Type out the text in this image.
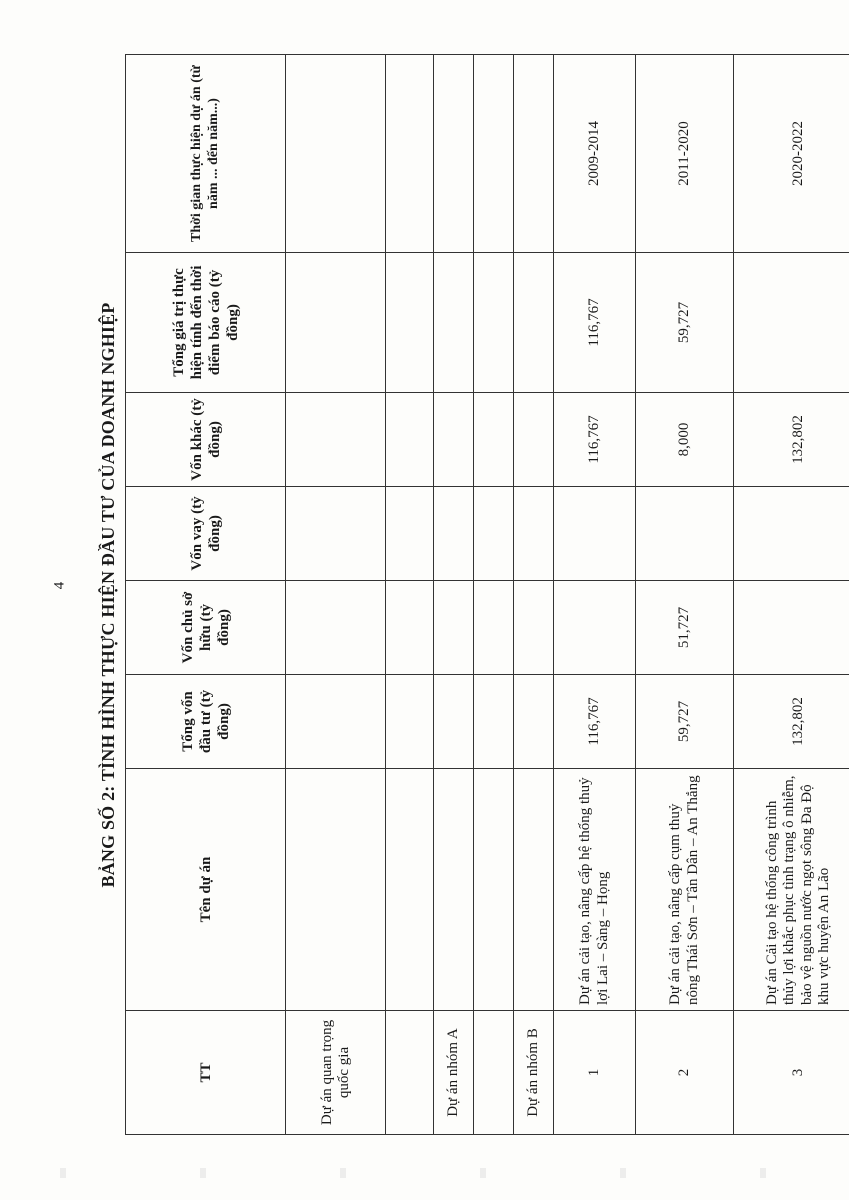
4 BẢNG SỐ 2: TÌNH HÌNH THỰC HIỆN ĐẦU TƯ CỦA DOANH NGHIỆP
TT	Tên dự án	Tổng vốn đầu tư (tỷ đồng)	Vốn chủ sở hữu (tỷ đồng)	Vốn vay (tỷ đồng)	Vốn khác (tỷ đồng)	Tổng giá trị thực hiện tính đến thời điểm báo cáo (tỷ đồng)	Thời gian thực hiện dự án (từ năm ... đến năm...)
Dự án quan trọng quốc gia							

Dự án nhóm A							

Dự án nhóm B							
1	Dự án cải tạo, nâng cấp hệ thống thuỷ lợi Lai – Sàng – Họng	116,767			116,767	116,767	2009-2014
2	Dự án cải tạo, nâng cấp cụm thuỷ nông Thái Sơn – Tân Dân – An Thắng	59,727	51,727		8,000	59,727	2011-2020
3	Dự án Cải tạo hệ thống công trình thủy lợi khắc phục tình trạng ô nhiễm, bảo vệ nguồn nước ngọt sông Đa Độ khu vực huyện An Lão	132,802			132,802		2020-2022
